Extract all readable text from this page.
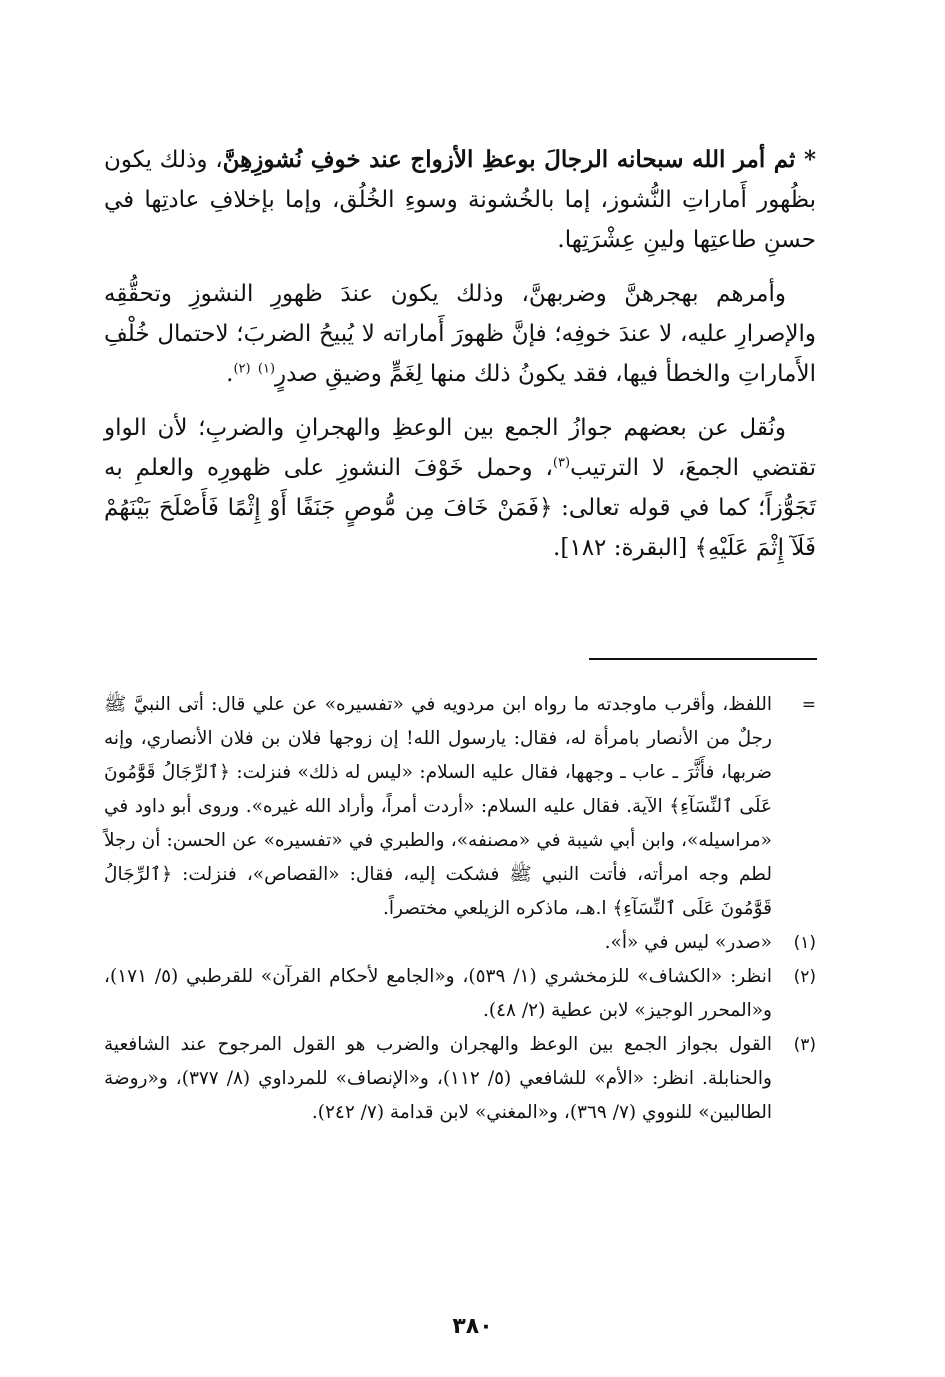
* ثم أمر الله سبحانه الرجالَ بوعظِ الأزواج عند خوفِ نُشوزِهِنَّ، وذلك يكون بظُهور أَماراتِ النُّشوز، إما بالخُشونة وسوءِ الخُلُق، وإما بإخلافِ عادتِها في حسنِ طاعتِها ولينِ عِشْرَتِها.

وأمرهم بهجرهنَّ وضربهنَّ، وذلك يكون عندَ ظهورِ النشوزِ وتحقُّقِه والإصرارِ عليه، لا عندَ خوفِه؛ فإنَّ ظهورَ أَماراته لا يُبيحُ الضربَ؛ لاحتمال خُلْفِ الأَماراتِ والخطأ فيها، فقد يكونُ ذلك منها لِغَمٍّ وضيقِ صدرٍ$^{(١)}$ $^{(٢)}$.

ونُقل عن بعضهم جوازُ الجمع بين الوعظِ والهجرانِ والضربِ؛ لأن الواو تقتضي الجمعَ، لا الترتيب$^{(٣)}$، وحمل خَوْفَ النشوزِ على ظهورِه والعلمِ به تَجَوُّزاً؛ كما في قوله تعالى: ﴿فَمَنْ خَافَ مِن مُّوصٍ جَنَفًا أَوْ إِثْمًا فَأَصْلَحَ بَيْنَهُمْ فَلَآ إِثْمَ عَلَيْهِ﴾ [البقرة: ١٨٢].

=
اللفظ، وأقرب ماوجدته ما رواه ابن مردويه في «تفسيره» عن علي قال: أتى النبيَّ ﷺ رجلٌ من الأنصار بامرأة له، فقال: يارسول الله! إن زوجها فلان بن فلان الأنصاري، وإنه ضربها، فأَثَّرَ ـ عاب ـ وجهها، فقال عليه السلام: «ليس له ذلك» فنزلت: ﴿ٱلرِّجَالُ قَوَّٰمُونَ عَلَى ٱلنِّسَآءِ﴾ الآية. فقال عليه السلام: «أردت أمراً، وأراد الله غيره». وروى أبو داود في «مراسيله»، وابن أبي شيبة في «مصنفه»، والطبري في «تفسيره» عن الحسن: أن رجلاً لطم وجه امرأته، فأتت النبي ﷺ فشكت إليه، فقال: «القصاص»، فنزلت: ﴿ٱلرِّجَالُ قَوَّٰمُونَ عَلَى ٱلنِّسَآءِ﴾ ا.هـ، ماذكره الزيلعي مختصراً.
(١)
«صدر» ليس في «أ».
(٢)
انظر: «الكشاف» للزمخشري (١/ ٥٣٩)، و«الجامع لأحكام القرآن» للقرطبي (٥/ ١٧١)، و«المحرر الوجيز» لابن عطية (٢/ ٤٨).
(٣)
القول بجواز الجمع بين الوعظ والهجران والضرب هو القول المرجوح عند الشافعية والحنابلة. انظر: «الأم» للشافعي (٥/ ١١٢)، و«الإنصاف» للمرداوي (٨/ ٣٧٧)، و«روضة الطالبين» للنووي (٧/ ٣٦٩)، و«المغني» لابن قدامة (٧/ ٢٤٢).
٣٨٠
